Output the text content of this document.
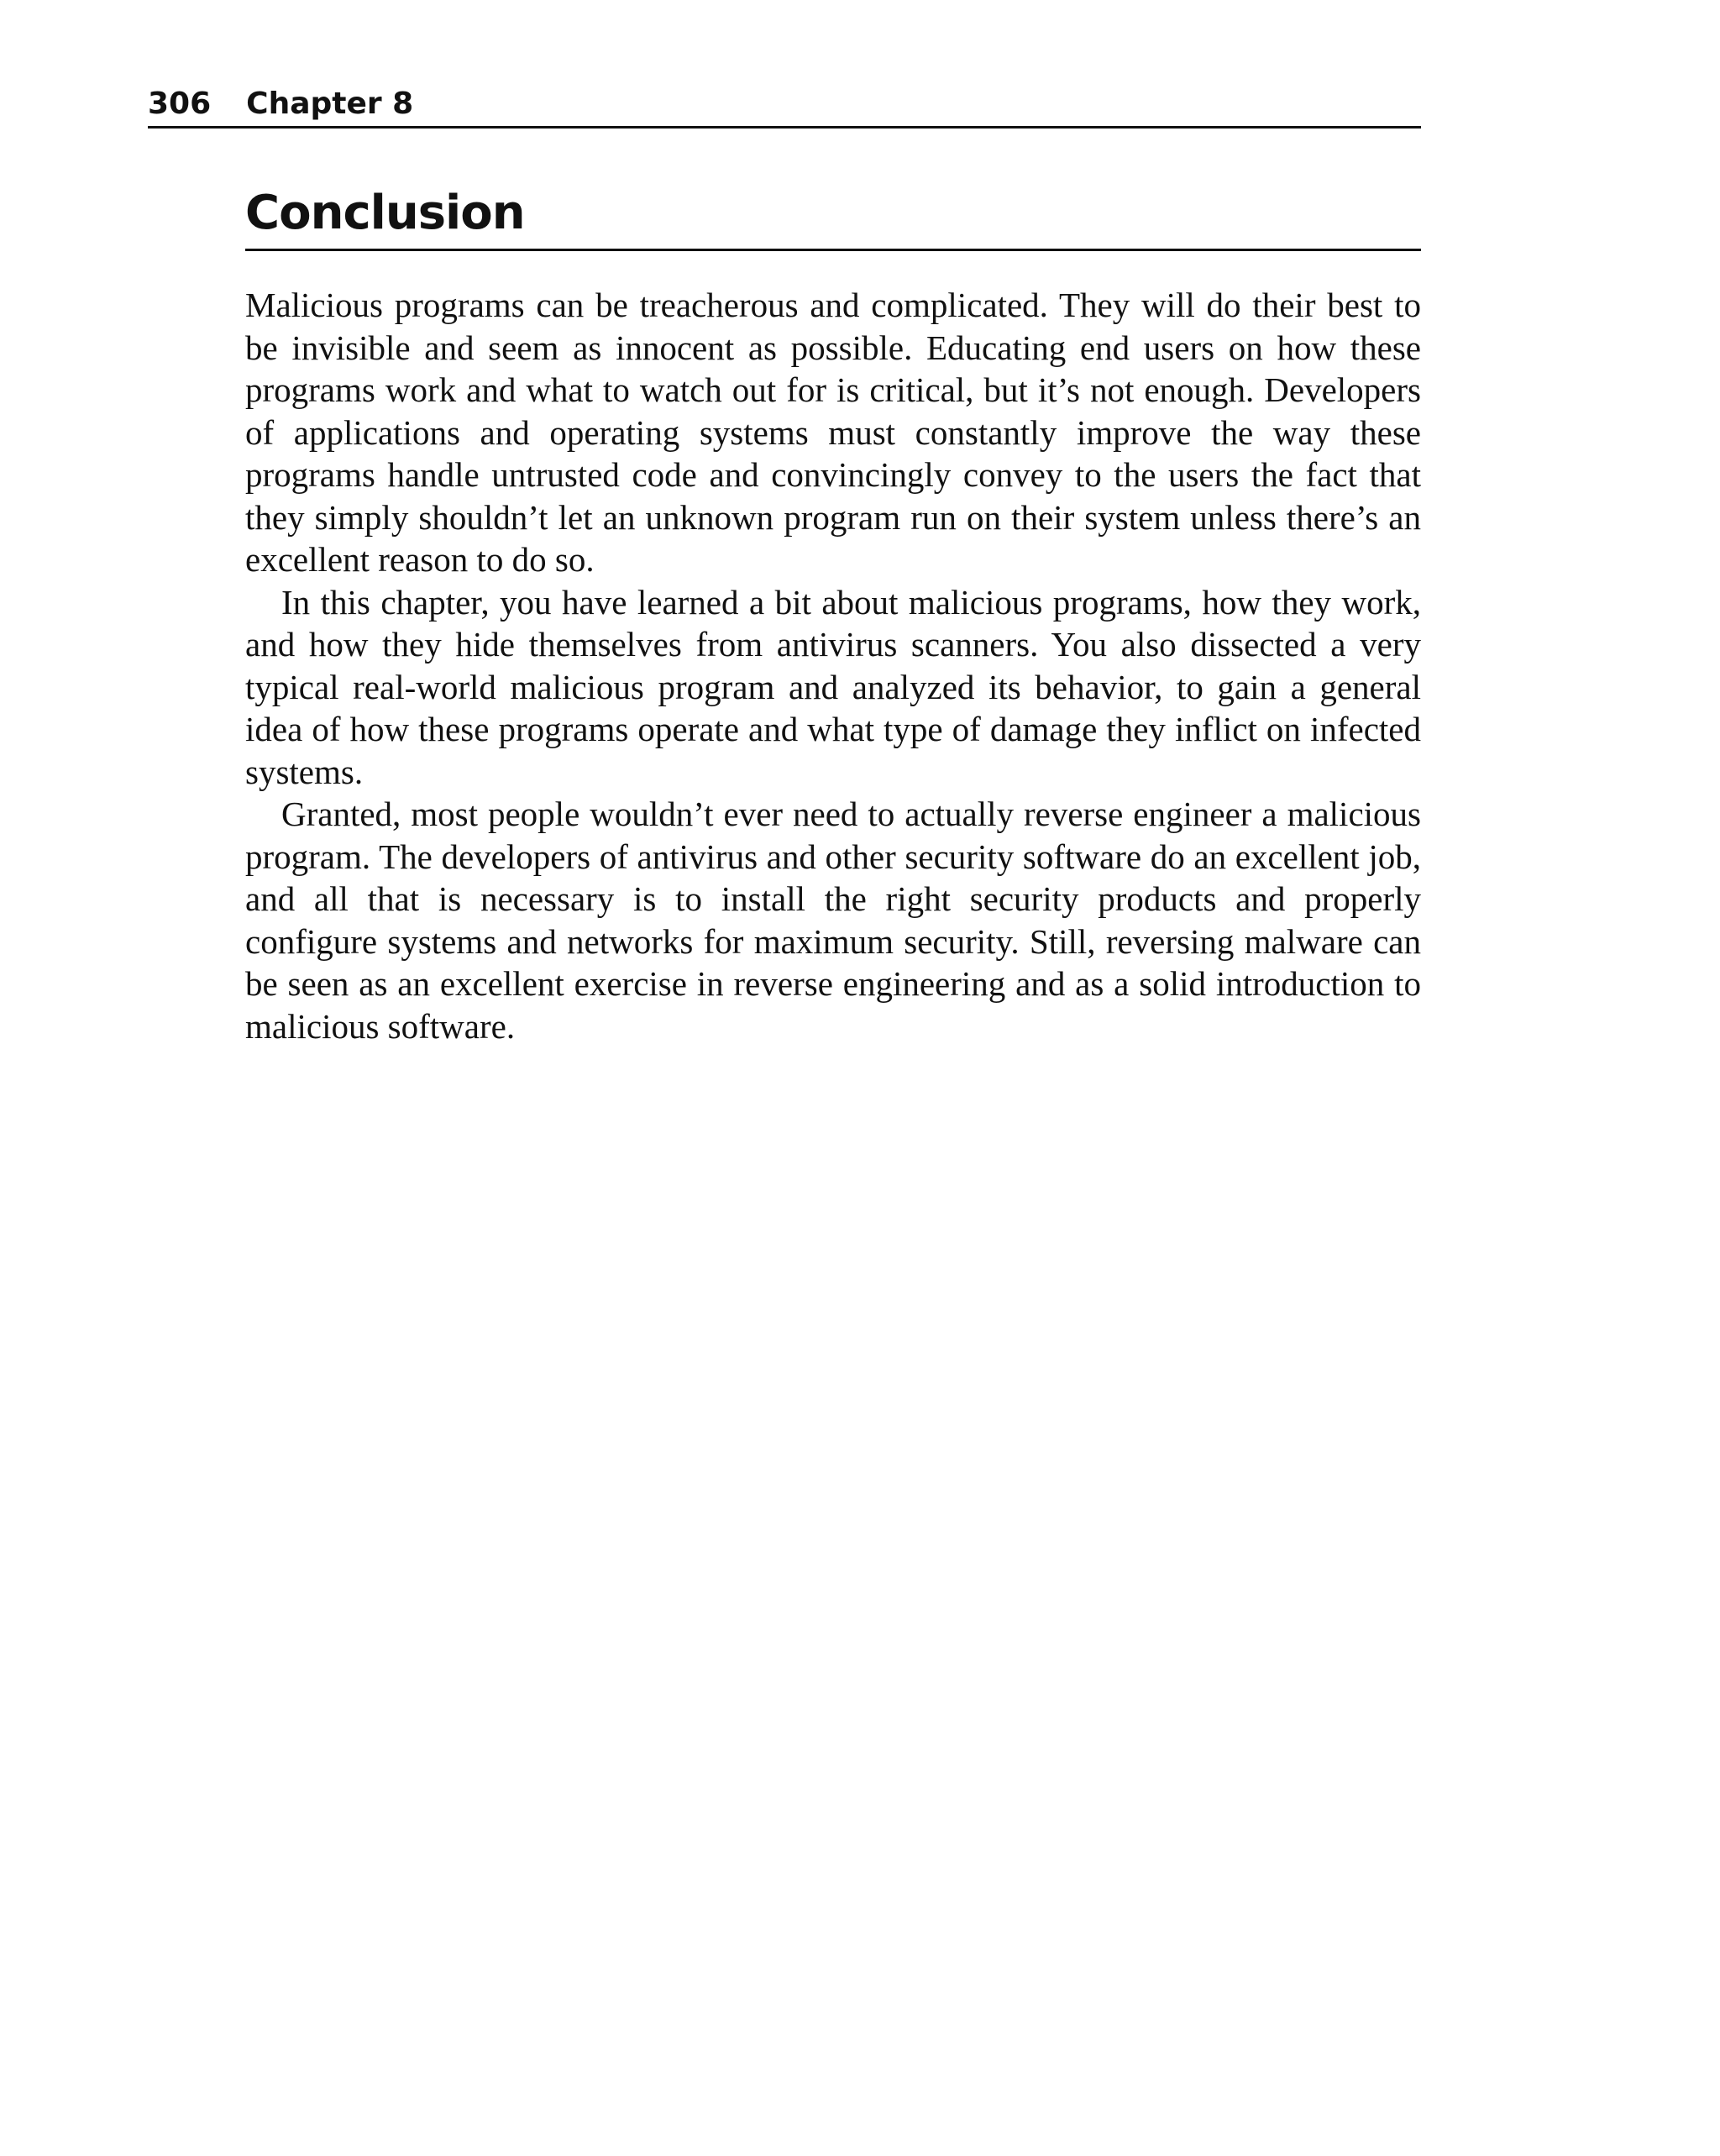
306 Chapter 8
Conclusion

Malicious programs can be treacherous and complicated. They will do their best to be invisible and seem as innocent as possible. Educating end users on how these programs work and what to watch out for is critical, but it’s not enough. Developers of applications and operating systems must constantly improve the way these programs handle untrusted code and convincingly convey to the users the fact that they simply shouldn’t let an unknown program run on their system unless there’s an excellent reason to do so.

In this chapter, you have learned a bit about malicious programs, how they work, and how they hide themselves from antivirus scanners. You also dissected a very typical real-world malicious program and analyzed its behavior, to gain a general idea of how these programs operate and what type of damage they inflict on infected systems.

Granted, most people wouldn’t ever need to actually reverse engineer a malicious program. The developers of antivirus and other security software do an excellent job, and all that is necessary is to install the right security products and properly configure systems and networks for maximum security. Still, reversing malware can be seen as an excellent exercise in reverse engineering and as a solid introduction to malicious software.
